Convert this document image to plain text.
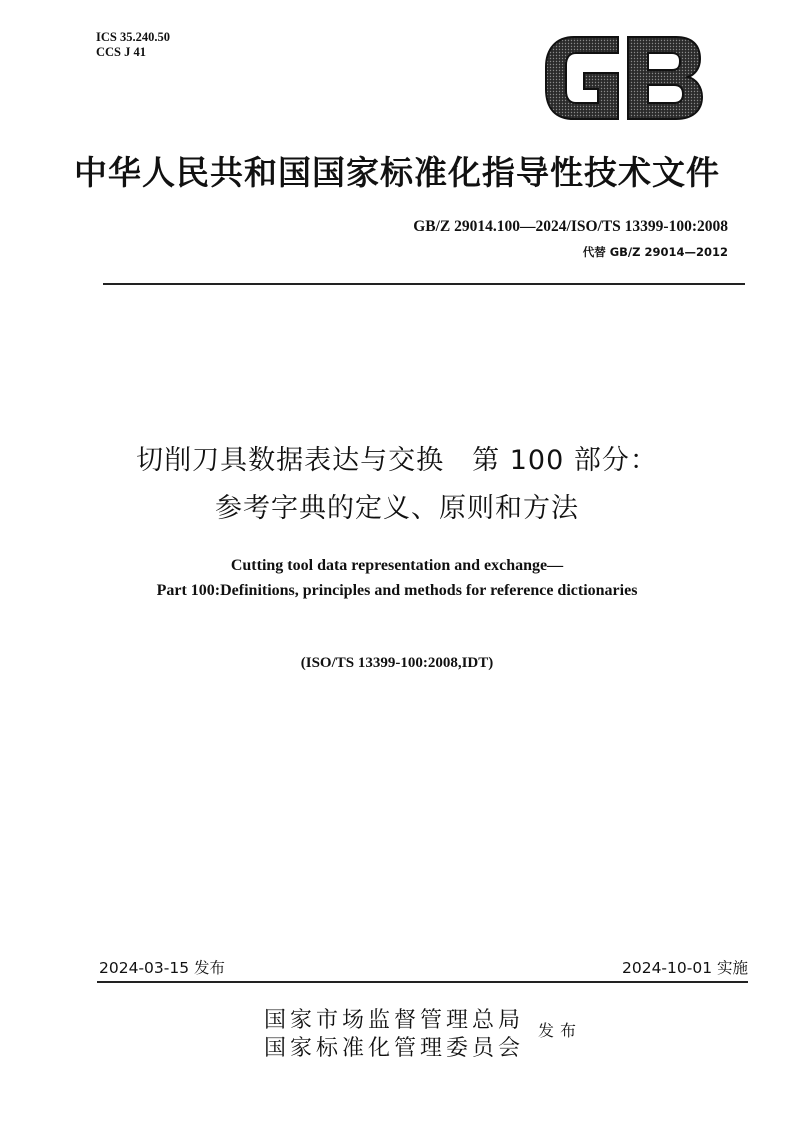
ICS 35.240.50
CCS J 41
中华人民共和国国家标准化指导性技术文件
GB/Z 29014.100—2024/ISO/TS 13399-100:2008
代替 GB/Z 29014—2012
切削刀具数据表达与交换　第 100 部分：
参考字典的定义、原则和方法
Cutting tool data representation and exchange—
Part 100:Definitions, principles and methods for reference dictionaries
(ISO/TS 13399-100:2008,IDT)
2024-03-15 发布	2024-10-01 实施
国家市场监督管理总局
国家标准化管理委员会
发布
